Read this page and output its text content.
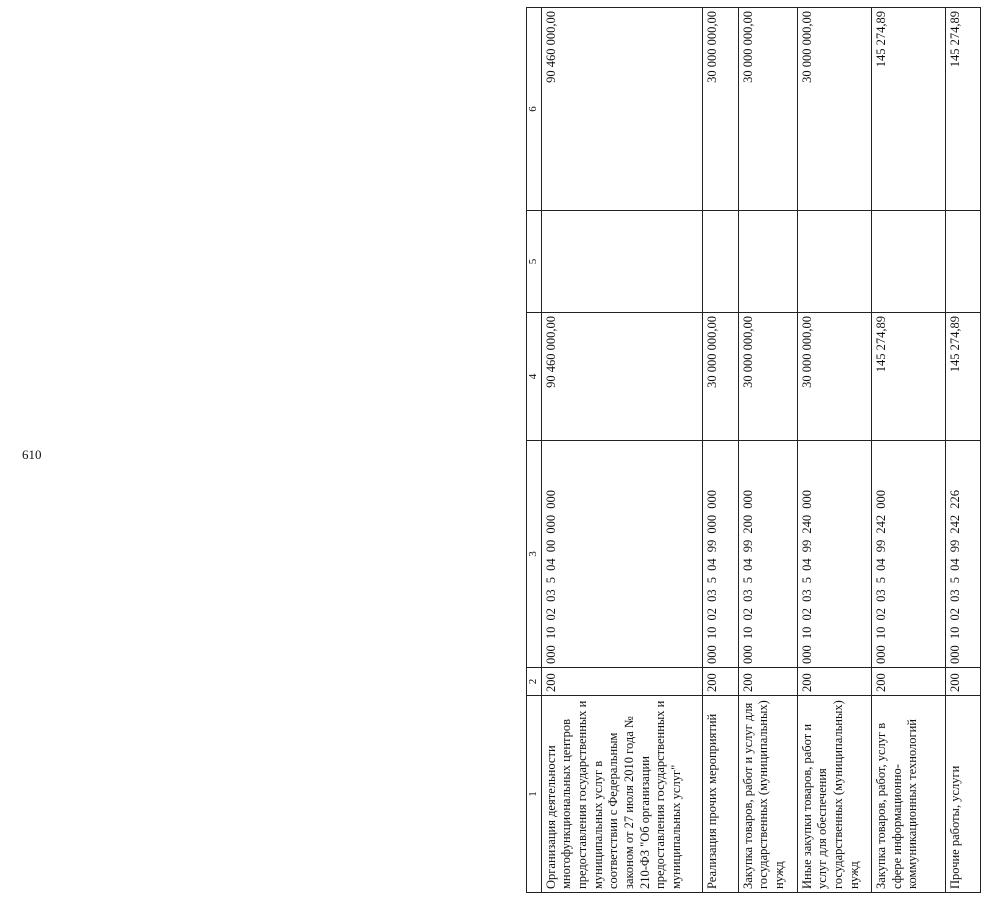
610
1	2	3	4	5	6
Организация деятельности многофункциональных центров предоставления государственных и муниципальных услуг в соответствии с Федеральным законом от 27 июля 2010 года № 210-ФЗ "Об организации предоставления государственных и муниципальных услуг"	200	000 10 02 03 5 04 00 000 000	90 460 000,00		90 460 000,00
Реализация прочих мероприятий	200	000 10 02 03 5 04 99 000 000	30 000 000,00		30 000 000,00
Закупка товаров, работ и услуг для государственных (муниципальных) нужд	200	000 10 02 03 5 04 99 200 000	30 000 000,00		30 000 000,00
Иные закупки товаров, работ и услуг для обеспечения государственных (муниципальных) нужд	200	000 10 02 03 5 04 99 240 000	30 000 000,00		30 000 000,00
Закупка товаров, работ, услуг в сфере информационно-коммуникационных технологий	200	000 10 02 03 5 04 99 242 000	145 274,89		145 274,89
Прочие работы, услуги	200	000 10 02 03 5 04 99 242 226	145 274,89		145 274,89
